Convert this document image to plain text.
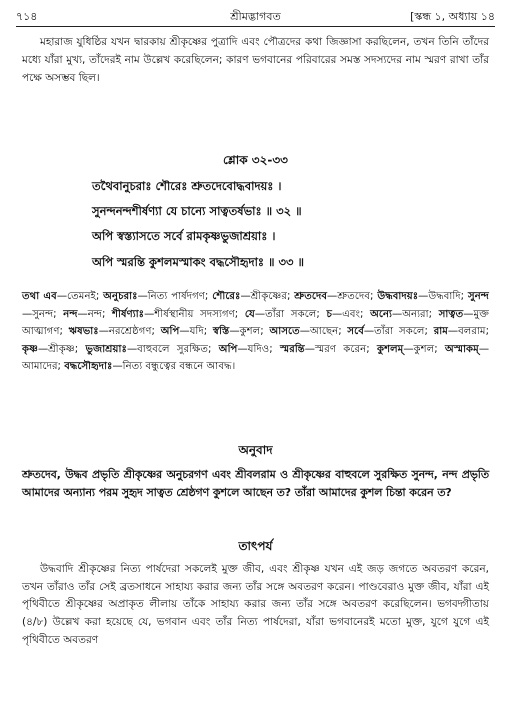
৭১৪	শ্রীমদ্ভাগবত	[স্কন্ধ ১, অধ্যায় ১৪
মহারাজ যুধিষ্ঠির যখন দ্বারকায় শ্রীকৃষ্ণের পুত্রাদি এবং পৌত্রদের কথা জিজ্ঞাসা করছিলেন, তখন তিনি তাঁদের মধ্যে যাঁরা মুখ্য, তাঁদেরই নাম উল্লেখ করেছিলেন; কারণ ভগবানের পরিবারের সমস্ত সদস্যদের নাম স্মরণ রাখা তাঁর পক্ষে অসম্ভব ছিল।
শ্লোক ৩২-৩৩
তথৈবানুচরাঃ শৌরেঃ শ্রুতদেবোদ্ধবাদয়ঃ ।
সুনন্দনন্দশীর্ষণ্যা যে চান্যে সাত্বতর্ষভাঃ ॥ ৩২ ॥
অপি স্বস্ত্যাসতে সর্বে রামকৃষ্ণভুজাশ্রয়াঃ ।
অপি স্মরন্তি কুশলমস্মাকং বদ্ধসৌহৃদাঃ ॥ ৩৩ ॥
তথা এব—তেমনই; অনুচরাঃ—নিত্য পার্ষদগণ; শৌরেঃ—শ্রীকৃষ্ণের; শ্রুতদেব—শ্রুতদেব; উদ্ধবাদয়ঃ—উদ্ধবাদি; সুনন্দ—সুনন্দ; নন্দ—নন্দ; শীর্ষণ্যাঃ—শীর্ষস্থানীয় সদস্যগণ; যে—তাঁরা সকলে; চ—এবং; অন্যে—অন্যরা; সাত্বত—মুক্ত আত্মাগণ; ঋষভাঃ—নরশ্রেষ্ঠগণ; অপি—যদি; স্বস্তি—কুশল; আসতে—আছেন; সর্বে—তাঁরা সকলে; রাম—বলরাম; কৃষ্ণ—শ্রীকৃষ্ণ; ভুজাশ্রয়াঃ—বাহুবলে সুরক্ষিত; অপি—যদিও; স্মরন্তি—স্মরণ করেন; কুশলম্—কুশল; অস্মাকম্—আমাদের; বদ্ধসৌহৃদাঃ—নিত্য বন্ধুত্বের বন্ধনে আবদ্ধ।
অনুবাদ
শ্রুতদেব, উদ্ধব প্রভৃতি শ্রীকৃষ্ণের অনুচরগণ এবং শ্রীবলরাম ও শ্রীকৃষ্ণের বাহুবলে সুরক্ষিত সুনন্দ, নন্দ প্রভৃতি আমাদের অন্যান্য পরম সুহৃদ সাত্বত শ্রেষ্ঠগণ কুশলে আছেন ত? তাঁরা আমাদের কুশল চিন্তা করেন ত?
তাৎপর্য
উদ্ধবাদি শ্রীকৃষ্ণের নিত্য পার্ষদেরা সকলেই মুক্ত জীব, এবং শ্রীকৃষ্ণ যখন এই জড় জগতে অবতরণ করেন, তখন তাঁরাও তাঁর সেই ব্রতসাধনে সাহায্য করার জন্য তাঁর সঙ্গে অবতরণ করেন। পাণ্ডবেরাও মুক্ত জীব, যাঁরা এই পৃথিবীতে শ্রীকৃষ্ণের অপ্রাকৃত লীলায় তাঁকে সাহায্য করার জন্য তাঁর সঙ্গে অবতরণ করেছিলেন। ভগবদ্গীতায় (৪/৮) উল্লেখ করা হয়েছে যে, ভগবান এবং তাঁর নিত্য পার্ষদেরা, যাঁরা ভগবানেরই মতো মুক্ত, যুগে যুগে এই পৃথিবীতে অবতরণ
